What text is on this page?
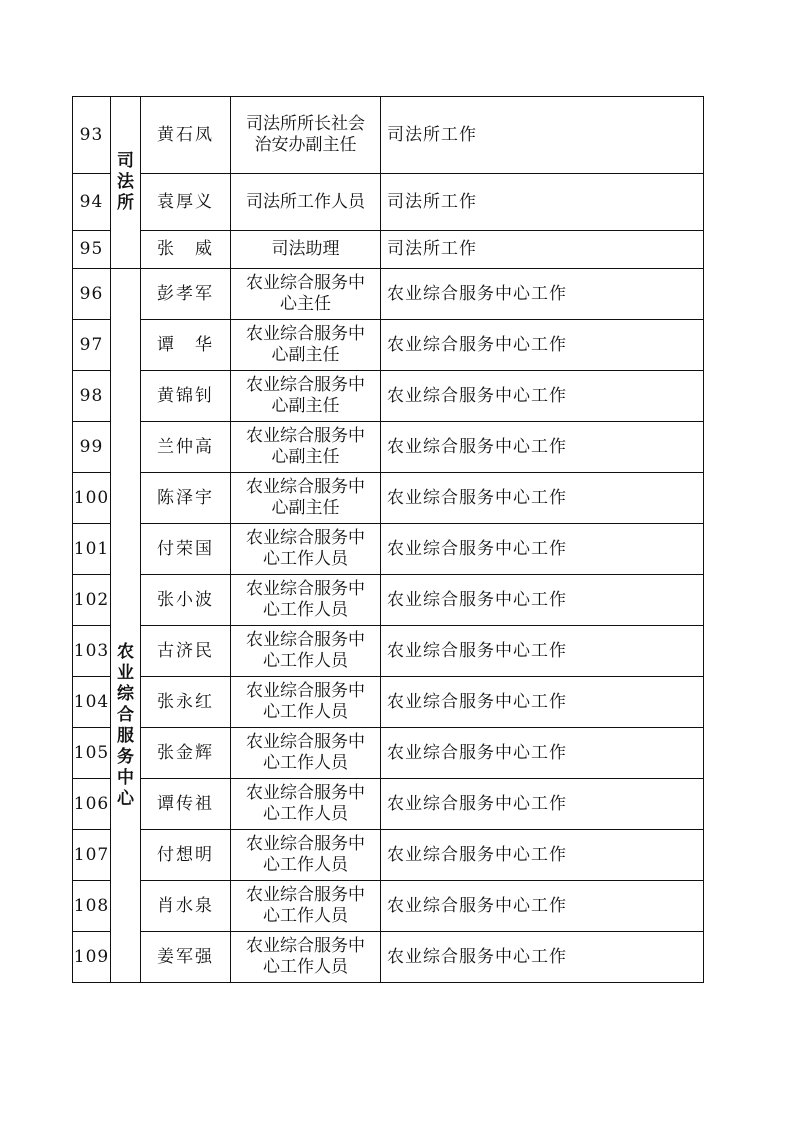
93	司法所	黄石凤	司法所所长社会治安办副主任	司法所工作
94		袁厚义	司法所工作人员	司法所工作
95		张　威	司法助理	司法所工作
96	农业综合服务中心	彭孝军	农业综合服务中心主任	农业综合服务中心工作
97		谭　华	农业综合服务中心副主任	农业综合服务中心工作
98		黄锦钊	农业综合服务中心副主任	农业综合服务中心工作
99		兰仲高	农业综合服务中心副主任	农业综合服务中心工作
100		陈泽宇	农业综合服务中心副主任	农业综合服务中心工作
101		付荣国	农业综合服务中心工作人员	农业综合服务中心工作
102		张小波	农业综合服务中心工作人员	农业综合服务中心工作
103		古济民	农业综合服务中心工作人员	农业综合服务中心工作
104		张永红	农业综合服务中心工作人员	农业综合服务中心工作
105		张金辉	农业综合服务中心工作人员	农业综合服务中心工作
106		谭传祖	农业综合服务中心工作人员	农业综合服务中心工作
107		付想明	农业综合服务中心工作人员	农业综合服务中心工作
108		肖水泉	农业综合服务中心工作人员	农业综合服务中心工作
109		姜军强	农业综合服务中心工作人员	农业综合服务中心工作
